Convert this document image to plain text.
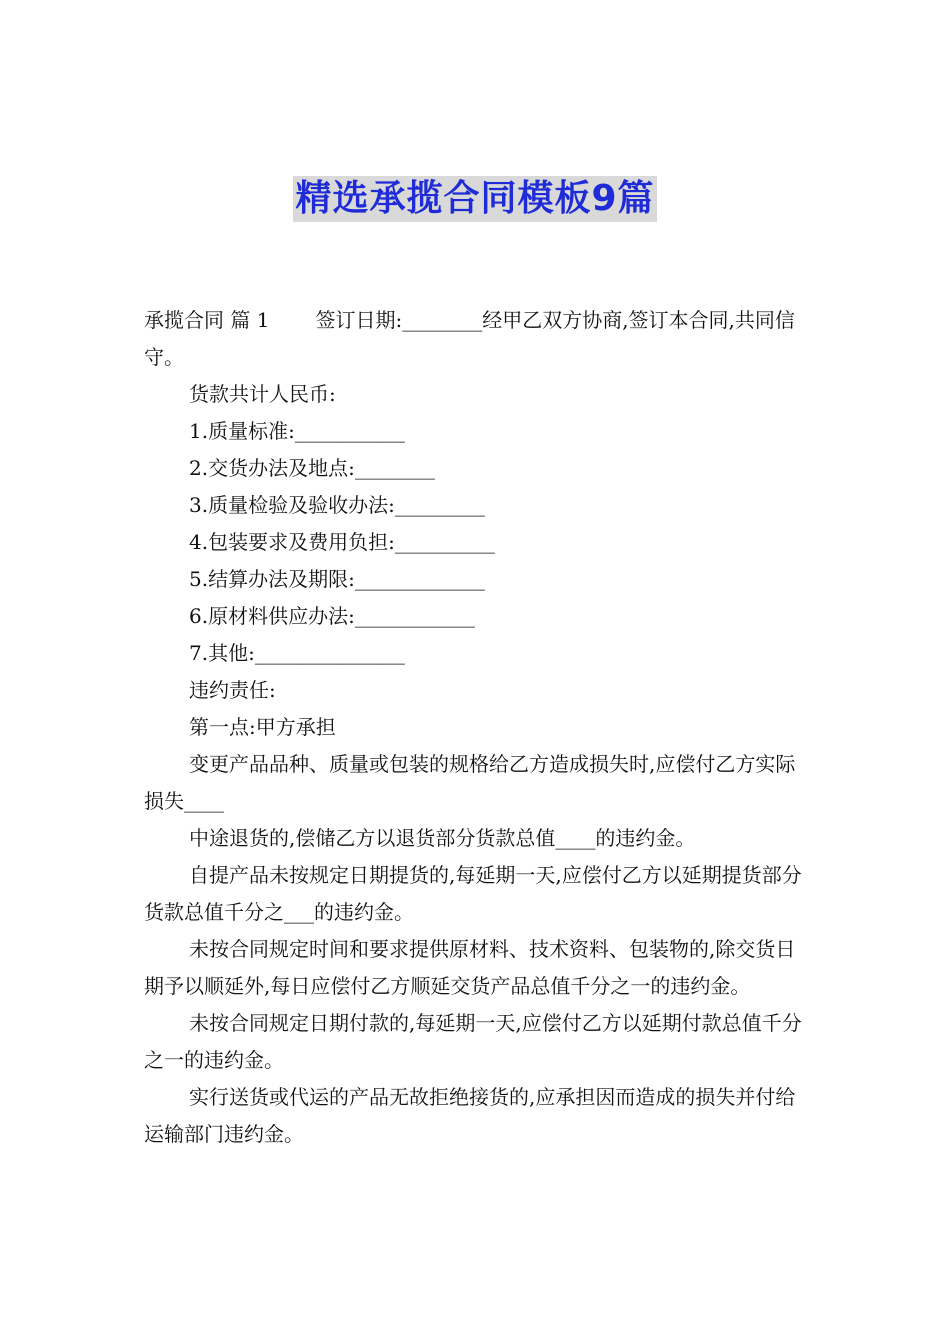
精选承揽合同模板9篇

承揽合同 篇 1 签订日期:________经甲乙双方协商,签订本合同,共同信守。

货款共计人民币:

1.质量标准:___________

2.交货办法及地点:________

3.质量检验及验收办法:_________

4.包装要求及费用负担:__________

5.结算办法及期限:_____________

6.原材料供应办法:____________

7.其他:_______________

违约责任:

第一点:甲方承担

变更产品品种、质量或包装的规格给乙方造成损失时,应偿付乙方实际损失____

中途退货的,偿储乙方以退货部分货款总值____的违约金。

自提产品未按规定日期提货的,每延期一天,应偿付乙方以延期提货部分货款总值千分之___的违约金。

未按合同规定时间和要求提供原材料、技术资料、包装物的,除交货日期予以顺延外,每日应偿付乙方顺延交货产品总值千分之一的违约金。

未按合同规定日期付款的,每延期一天,应偿付乙方以延期付款总值千分之一的违约金。

实行送货或代运的产品无故拒绝接货的,应承担因而造成的损失并付给运输部门违约金。
